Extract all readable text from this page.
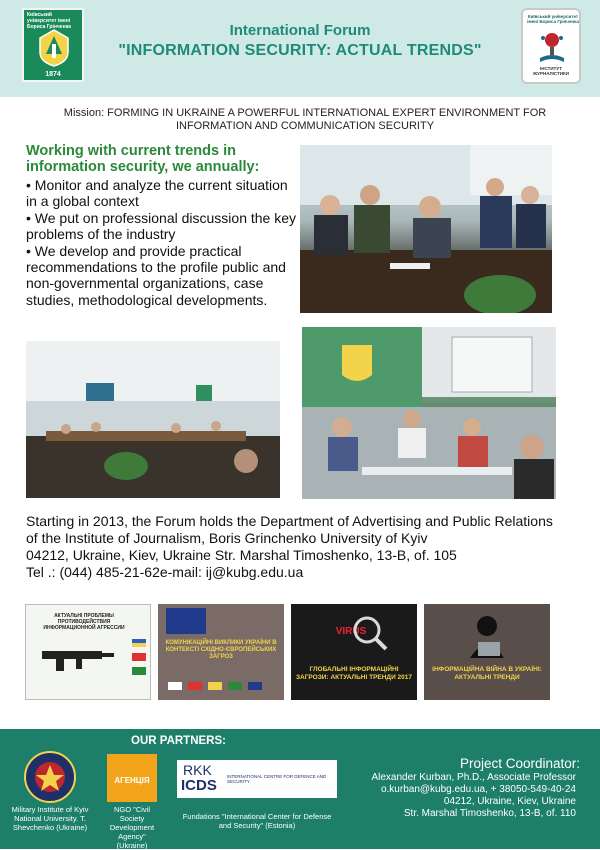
Київський університет імені Бориса Грінченка
1874
International Forum
"INFORMATION SECURITY: ACTUAL TRENDS"
Київський університет імені Бориса Грінченка
ІНСТИТУТ ЖУРНАЛІСТИКИ
Mission: FORMING IN UKRAINE A POWERFUL INTERNATIONAL EXPERT ENVIRONMENT FOR INFORMATION AND COMMUNICATION SECURITY
Working with current trends in information security, we annually:
• Monitor and analyze the current situation in a global context
• We put on professional discussion the key problems of the industry
• We develop and provide practical recommendations to the profile public and non-governmental organizations, case studies, methodological developments.
Starting in 2013, the Forum holds the Department of Advertising and Public Relations of the Institute of Journalism, Boris Grinchenko University of Kyiv
04212, Ukraine, Kiev, Ukraine Str. Marshal Timoshenko, 13-B, of. 105
Tel .: (044) 485-21-62e-mail: ij@kubg.edu.ua
АКТУАЛЬНІ ПРОБЛЕМЫ ПРОТИВОДЕЙСТВИЯ ИНФОРМАЦИОННОЙ АГРЕССИИ
КОМУНІКАЦІЙНІ ВИКЛИКИ УКРАЇНИ В КОНТЕКСТІ СХІДНО-ЄВРОПЕЙСЬКИХ ЗАГРОЗ
VIRUS
ГЛОБАЛЬНІ ІНФОРМАЦІЙНІ ЗАГРОЗИ: АКТУАЛЬНІ ТРЕНДИ 2017
ІНФОРМАЦІЙНА ВІЙНА В УКРАЇНІ: АКТУАЛЬНІ ТРЕНДИ
OUR PARTNERS:
Military Institute of Kyiv National University. T. Shevchenko (Ukraine)
АГЕНЦІЯ
NGO "Civil Society Development Agency" (Ukraine)
RKK
ICDS
INTERNATIONAL CENTRE FOR DEFENCE AND SECURITY
Fundations "International Center for Defense and Security" (Estonia)
Project Coordinator:
Alexander Kurban, Ph.D., Associate Professor
o.kurban@kubg.edu.ua, + 38050-549-40-24
04212, Ukraine, Kiev, Ukraine
Str. Marshal Timoshenko, 13-B, of. 110
